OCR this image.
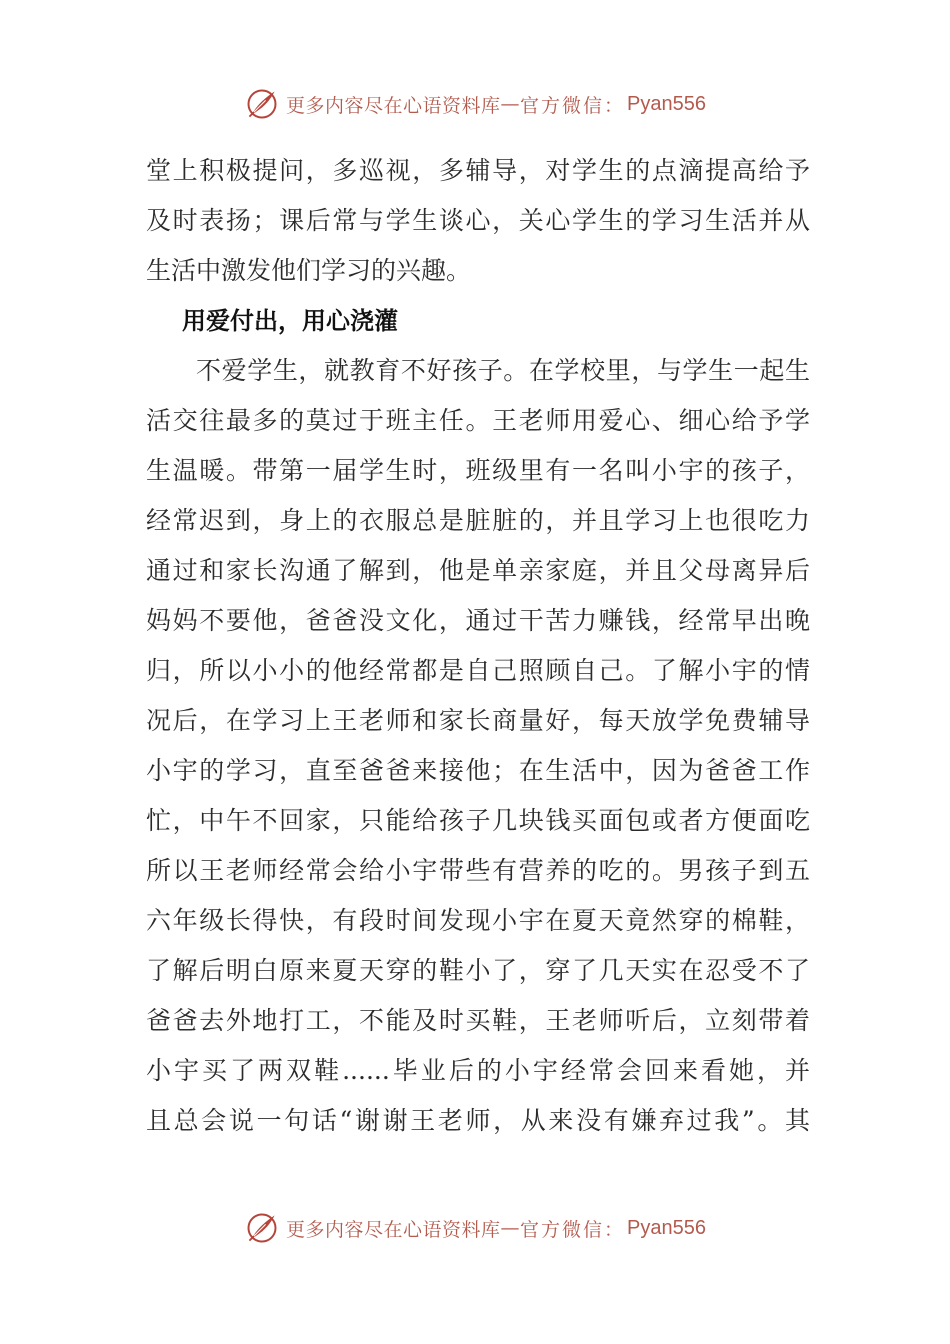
更多内容尽在心语资料库 — 官方微信： Pyan556
堂上积极提问，多巡视，多辅导，对学生的点滴提高给予
及时表扬；课后常与学生谈心，关心学生的学习生活并从
生活中激发他们学习的兴趣。
用爱付出，用心浇灌
不爱学生，就教育不好孩子。在学校里，与学生一起生
活交往最多的莫过于班主任。王老师用爱心、细心给予学
生温暖。带第一届学生时，班级里有一名叫小宇的孩子，
经常迟到，身上的衣服总是脏脏的，并且学习上也很吃力
通过和家长沟通了解到，他是单亲家庭，并且父母离异后
妈妈不要他，爸爸没文化，通过干苦力赚钱，经常早出晚
归，所以小小的他经常都是自己照顾自己。了解小宇的情
况后，在学习上王老师和家长商量好，每天放学免费辅导
小宇的学习，直至爸爸来接他；在生活中，因为爸爸工作
忙，中午不回家，只能给孩子几块钱买面包或者方便面吃
所以王老师经常会给小宇带些有营养的吃的。男孩子到五
六年级长得快，有段时间发现小宇在夏天竟然穿的棉鞋，
了解后明白原来夏天穿的鞋小了，穿了几天实在忍受不了
爸爸去外地打工，不能及时买鞋，王老师听后，立刻带着
小宇买了两双鞋......毕业后的小宇经常会回来看她，并
且总会说一句话“谢谢王老师，从来没有嫌弃过我”。其
更多内容尽在心语资料库 — 官方微信： Pyan556
